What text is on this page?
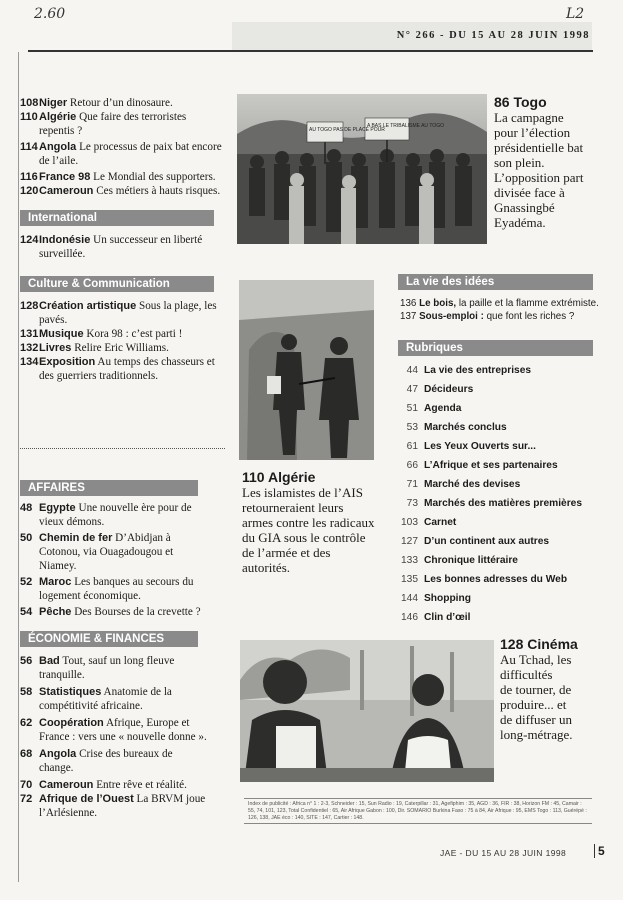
2.60	L2
N° 266 - DU 15 AU 28 JUIN 1998

108Niger Retour d’un dinosaure.

110Algérie Que faire des terroristes

repentis ?

114Angola Le processus de paix bat encore

de l’aile.

116France 98 Le Mondial des supporters.

120Cameroun Ces métiers à hauts risques.

International

124Indonésie Un successeur en liberté

surveillée.

Culture & Communication

128Création artistique Sous la plage, les

pavés.

131Musique Kora 98 : c’est parti !

132Livres Relire Eric Williams.

134Exposition Au temps des chasseurs et

des guerriers traditionnels.

AFFAIRES

48 Egypte Une nouvelle ère pour de

vieux démons.

50 Chemin de fer D’Abidjan à

Cotonou, via Ouagadougou et

Niamey.

52 Maroc Les banques au secours du

logement économique.

54 Pêche Des Bourses de la crevette ?

ÉCONOMIE & FINANCES

56 Bad Tout, sauf un long fleuve

tranquille.

58 Statistiques Anatomie de la

compétitivité africaine.

62 Coopération Afrique, Europe et

France : vers une « nouvelle donne ».

68 Angola Crise des bureaux de

change.

70 Cameroun Entre rêve et réalité.

72 Afrique de l’Ouest La BRVM joue

l’Arlésienne.

AU TOGO PAS DE PLACE POUR
A BAS LE TRIBALISME AU TOGO
86 Togo
La campagne
pour l’élection
présidentielle bat
son plein.
L’opposition part
divisée face à
Gnassingbé
Eyadéma.
110 Algérie
Les islamistes de l’AIS
retourneraient leurs
armes contre les radicaux
du GIA sous le contrôle
de l’armée et des
autorités.
La vie des idées
136 Le bois, la paille et la flamme extrémiste.
137 Sous-emploi : que font les riches ?
Rubriques
44 La vie des entreprises
47 Décideurs
51 Agenda
53 Marchés conclus
61 Les Yeux Ouverts sur...
66 L’Afrique et ses partenaires
71 Marché des devises
73 Marchés des matières premières
103 Carnet
127 D’un continent aux autres
133 Chronique littéraire
135 Les bonnes adresses du Web
144 Shopping
146 Clin d’œil
128 Cinéma
Au Tchad, les
difficultés
de tourner, de
produire... et
de diffuser un
long-métrage.
Index de publicité : Africa n° 1 : 2-3, Schneider : 15, Sun Radio : 19, Caterpillar : 31, Agefiphim : 35, AGD : 36, FIR : 38, Horizon FM : 45, Camair : 55, 74, 101, 123, Total Confidentiel : 65, Air Afrique Gabon : 100, Dir. SOMARIO Burkina Faso : 75 à 84, Air Afrique : 95, EMS Togo : 113, Guérépé : 126, 138, JAE éco : 140, SITE : 147, Cartier : 148.
JAE - DU 15 AU 28 JUIN 1998	5
